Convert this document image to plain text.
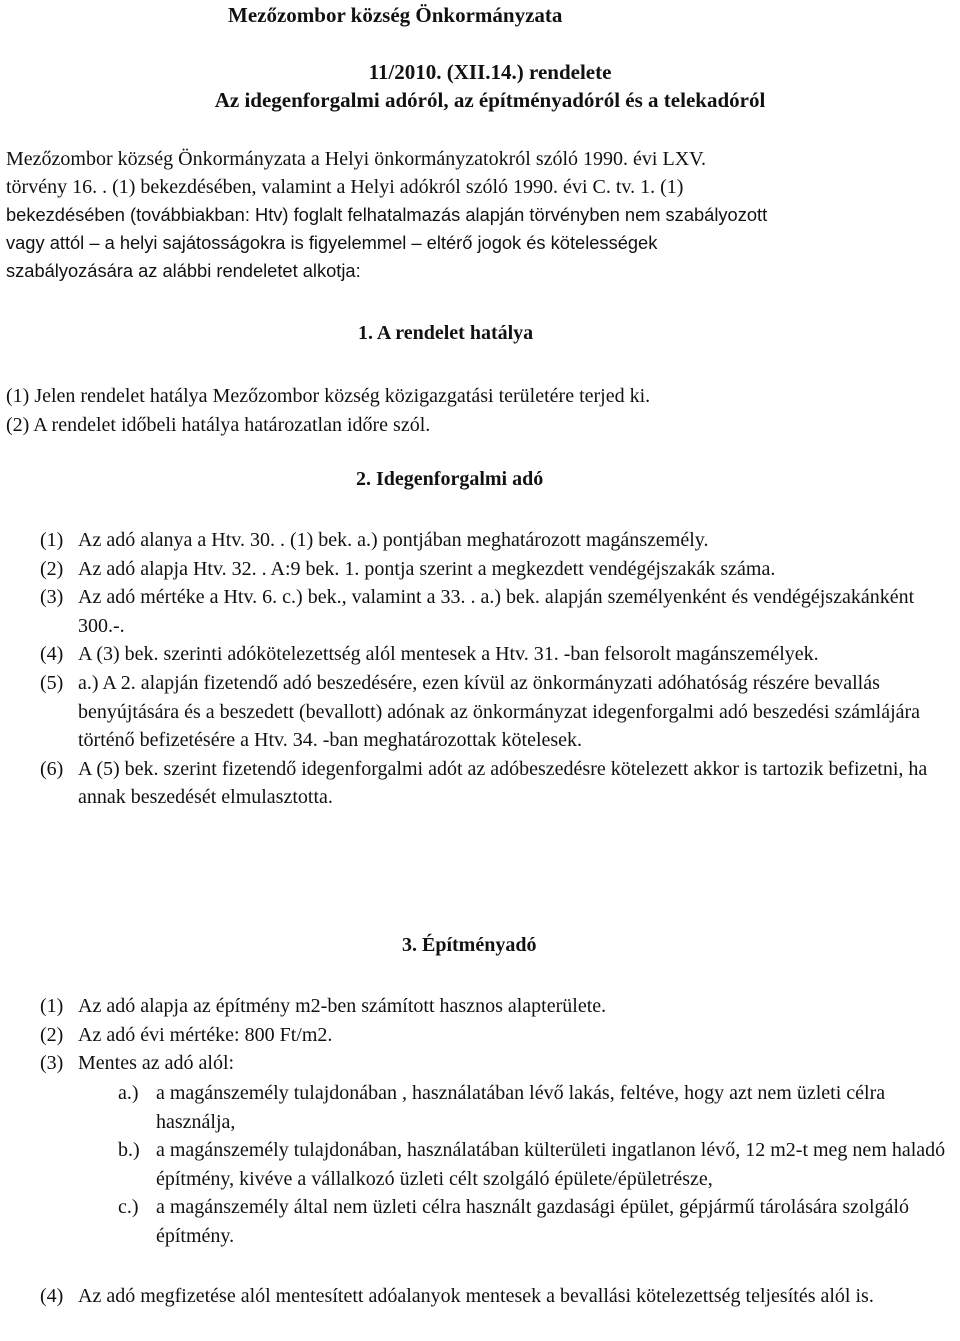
Mezőzombor község Önkormányzata
11/2010. (XII.14.) rendelete
Az idegenforgalmi adóról, az építményadóról és a telekadóról
Mezőzombor község Önkormányzata a Helyi önkormányzatokról szóló 1990. évi LXV.
törvény 16. . (1) bekezdésében, valamint a Helyi adókról szóló 1990. évi C. tv. 1. (1)
bekezdésében (továbbiakban: Htv) foglalt felhatalmazás alapján törvényben nem szabályozott
vagy attól – a helyi sajátosságokra is figyelemmel – eltérő jogok és kötelességek
szabályozására az alábbi rendeletet alkotja:
1. A rendelet hatálya
(1) Jelen rendelet hatálya Mezőzombor község közigazgatási területére terjed ki.
(2) A rendelet időbeli hatálya határozatlan időre szól.
2. Idegenforgalmi adó
(1) Az adó alanya a Htv. 30. . (1) bek. a.) pontjában meghatározott magánszemély.
(2) Az adó alapja Htv. 32. . A:9 bek. 1. pontja szerint a megkezdett vendégéjszakák száma.
(3) Az adó mértéke a Htv. 6. c.) bek., valamint a 33. . a.) bek. alapján személyenként és vendégéjszakánként 300.-.
(4) A (3) bek. szerinti adókötelezettség alól mentesek a Htv. 31. -ban felsorolt magánszemélyek.
(5) a.) A 2. alapján fizetendő adó beszedésére, ezen kívül az önkormányzati adóhatóság részére bevallás benyújtására és a beszedett (bevallott) adónak az önkormányzat idegenforgalmi adó beszedési számlájára történő befizetésére a Htv. 34. -ban meghatározottak kötelesek.
(6) A (5) bek. szerint fizetendő idegenforgalmi adót az adóbeszedésre kötelezett akkor is tartozik befizetni, ha annak beszedését elmulasztotta.
3. Építményadó
(1) Az adó alapja az építmény m2-ben számított hasznos alapterülete.
(2) Az adó évi mértéke: 800 Ft/m2.
(3) Mentes az adó alól:
a.) a magánszemély tulajdonában , használatában lévő lakás, feltéve, hogy azt nem üzleti célra használja,
b.) a magánszemély tulajdonában, használatában külterületi ingatlanon lévő, 12 m2-t meg nem haladó építmény, kivéve a vállalkozó üzleti célt szolgáló épülete/épületrésze,
c.) a magánszemély által nem üzleti célra használt gazdasági épület, gépjármű tárolására szolgáló építmény.
(4) Az adó megfizetése alól mentesített adóalanyok mentesek a bevallási kötelezettség teljesítés alól is.
